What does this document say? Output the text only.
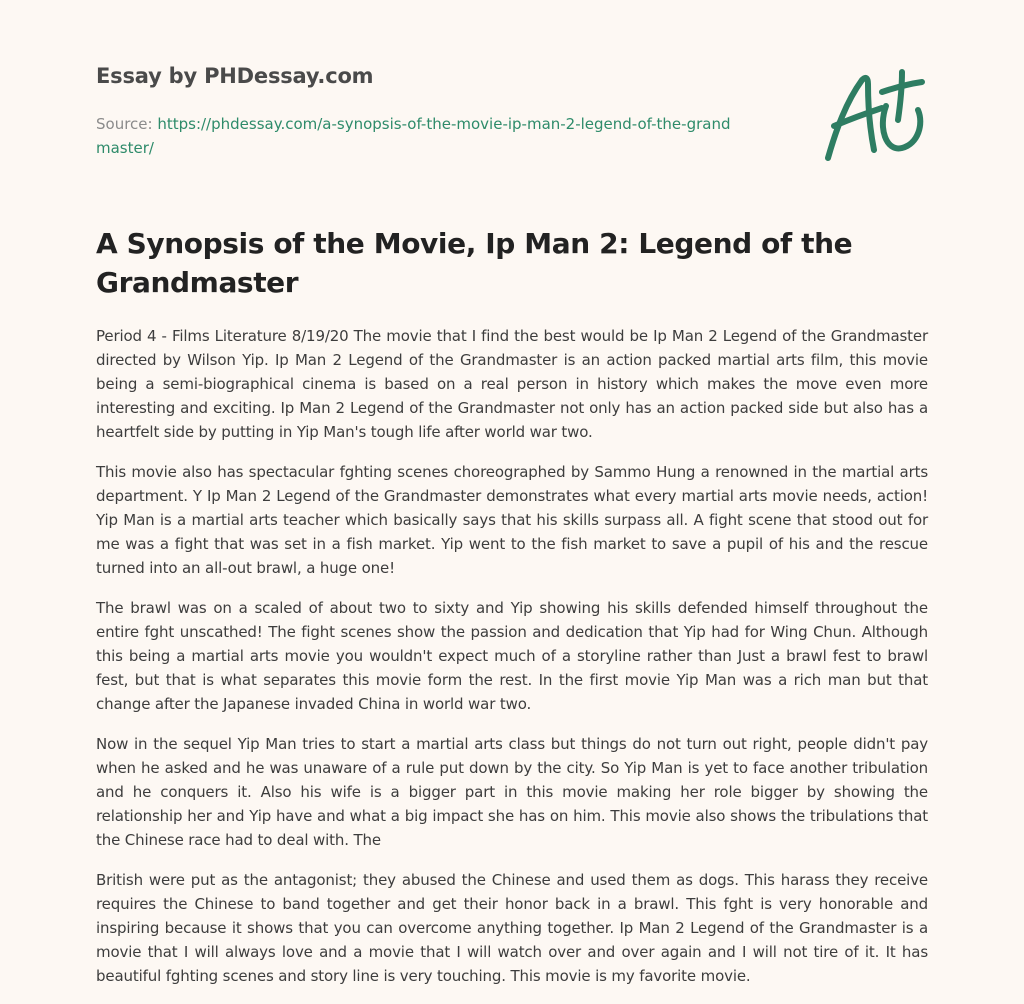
Essay by PHDessay.com
Source: https://phdessay.com/a-synopsis-of-the-movie-ip-man-2-legend-of-the-grandmaster/
A Synopsis of the Movie, Ip Man 2: Legend of the Grandmaster

Period 4 - Films Literature 8/19/20 The movie that I find the best would be Ip Man 2 Legend of the Grandmaster directed by Wilson Yip. Ip Man 2 Legend of the Grandmaster is an action packed martial arts film, this movie being a semi-biographical cinema is based on a real person in history which makes the move even more interesting and exciting. Ip Man 2 Legend of the Grandmaster not only has an action packed side but also has a heartfelt side by putting in Yip Man's tough life after world war two.

This movie also has spectacular fghting scenes choreographed by Sammo Hung a renowned in the martial arts department. Y Ip Man 2 Legend of the Grandmaster demonstrates what every martial arts movie needs, action! Yip Man is a martial arts teacher which basically says that his skills surpass all. A fight scene that stood out for me was a fight that was set in a fish market. Yip went to the fish market to save a pupil of his and the rescue turned into an all-out brawl, a huge one!

The brawl was on a scaled of about two to sixty and Yip showing his skills defended himself throughout the entire fght unscathed! The fight scenes show the passion and dedication that Yip had for Wing Chun. Although this being a martial arts movie you wouldn't expect much of a storyline rather than Just a brawl fest to brawl fest, but that is what separates this movie form the rest. In the first movie Yip Man was a rich man but that change after the Japanese invaded China in world war two.

Now in the sequel Yip Man tries to start a martial arts class but things do not turn out right, people didn't pay when he asked and he was unaware of a rule put down by the city. So Yip Man is yet to face another tribulation and he conquers it. Also his wife is a bigger part in this movie making her role bigger by showing the relationship her and Yip have and what a big impact she has on him. This movie also shows the tribulations that the Chinese race had to deal with. The

British were put as the antagonist; they abused the Chinese and used them as dogs. This harass they receive requires the Chinese to band together and get their honor back in a brawl. This fght is very honorable and inspiring because it shows that you can overcome anything together. Ip Man 2 Legend of the Grandmaster is a movie that I will always love and a movie that I will watch over and over again and I will not tire of it. It has beautiful fghting scenes and story line is very touching. This movie is my favorite movie.
